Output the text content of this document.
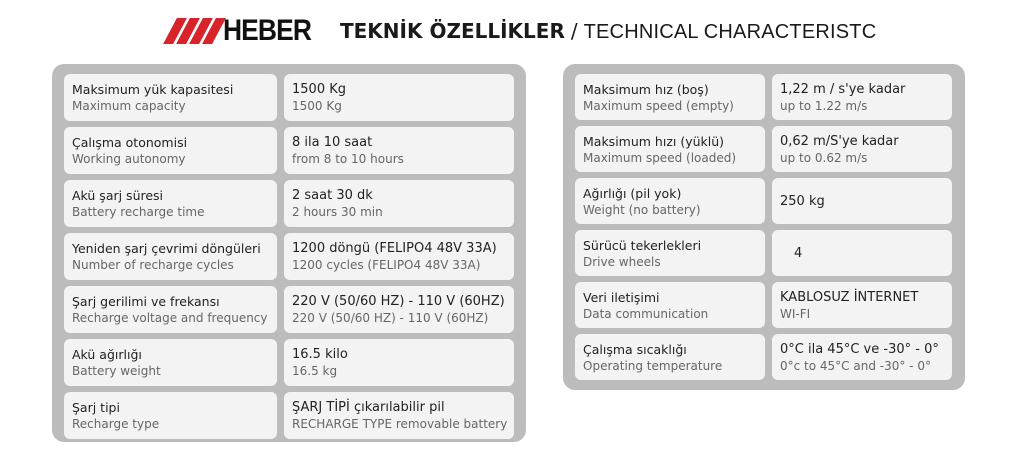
HEBER TEKNİK ÖZELLİKLER / TECHNICAL CHARACTERISTC
Maksimum yük kapasitesi
Maximum capacity
1500 Kg
1500 Kg
Çalışma otonomisi
Working autonomy
8 ila 10 saat
from 8 to 10 hours
Akü şarj süresi
Battery recharge time
2 saat 30 dk
2 hours 30 min
Yeniden şarj çevrimi döngüleri
Number of recharge cycles
1200 döngü (FELIPO4 48V 33A)
1200 cycles (FELIPO4 48V 33A)
Şarj gerilimi ve frekansı
Recharge voltage and frequency
220 V (50/60 HZ) - 110 V (60HZ)
220 V (50/60 HZ) - 110 V (60HZ)
Akü ağırlığı
Battery weight
16.5 kilo
16.5 kg
Şarj tipi
Recharge type
ŞARJ TİPİ çıkarılabilir pil
RECHARGE TYPE removable battery
Maksimum hız (boş)
Maximum speed (empty)
1,22 m / s'ye kadar
up to 1.22 m/s
Maksimum hızı (yüklü)
Maximum speed (loaded)
0,62 m/S'ye kadar
up to 0.62 m/s
Ağırlığı (pil yok)
Weight (no battery)
250 kg
Sürücü tekerlekleri
Drive wheels
4
Veri iletişimi
Data communication
KABLOSUZ İNTERNET
WI-FI
Çalışma sıcaklığı
Operating temperature
0°C ila 45°C ve -30° - 0°
0°c to 45°C and -30° - 0°
